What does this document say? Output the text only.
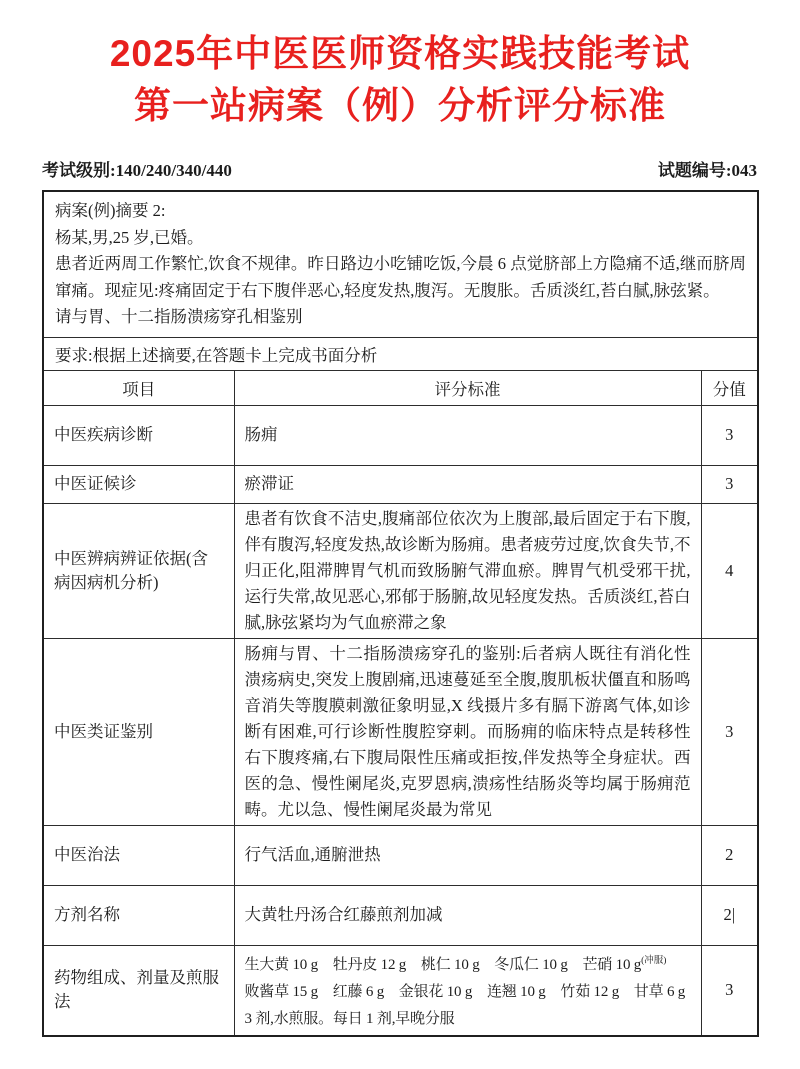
2025年中医医师资格实践技能考试
第一站病案（例）分析评分标准
考试级别:140/240/340/440	试题编号:043
病案(例)摘要 2:
杨某,男,25 岁,已婚。
患者近两周工作繁忙,饮食不规律。昨日路边小吃铺吃饭,今晨 6 点觉脐部上方隐痛不适,继而脐周窜痛。现症见:疼痛固定于右下腹伴恶心,轻度发热,腹泻。无腹胀。舌质淡红,苔白腻,脉弦紧。
请与胃、十二指肠溃疡穿孔相鉴别		

要求:根据上述摘要,在答题卡上完成书面分析		
项目	评分标准	分值
中医疾病诊断	肠痈	3
中医证候诊	瘀滞证	3
中医辨病辨证依据(含病因病机分析)	患者有饮食不洁史,腹痛部位依次为上腹部,最后固定于右下腹,伴有腹泻,轻度发热,故诊断为肠痈。患者疲劳过度,饮食失节,不归正化,阻滞脾胃气机而致肠腑气滞血瘀。脾胃气机受邪干扰,运行失常,故见恶心,邪郁于肠腑,故见轻度发热。舌质淡红,苔白腻,脉弦紧均为气血瘀滞之象	4
中医类证鉴别	肠痈与胃、十二指肠溃疡穿孔的鉴别:后者病人既往有消化性溃疡病史,突发上腹剧痛,迅速蔓延至全腹,腹肌板状僵直和肠鸣音消失等腹膜刺激征象明显,X 线摄片多有膈下游离气体,如诊断有困难,可行诊断性腹腔穿刺。而肠痈的临床特点是转移性右下腹疼痛,右下腹局限性压痛或拒按,伴发热等全身症状。西医的急、慢性阑尾炎,克罗恩病,溃疡性结肠炎等均属于肠痈范畴。尤以急、慢性阑尾炎最为常见	3
中医治法	行气活血,通腑泄热	2
方剂名称	大黄牡丹汤合红藤煎剂加减	2|
药物组成、剂量及煎服法	生大黄 10 g　牡丹皮 12 g　桃仁 10 g　冬瓜仁 10 g　芒硝 10 $g^{(冲服)}$
败酱草 15 g　红藤 6 g　金银花 10 g　连翘 10 g　竹茹 12 g　甘草 6 g
3 剂,水煎服。每日 1 剂,早晚分服	3
